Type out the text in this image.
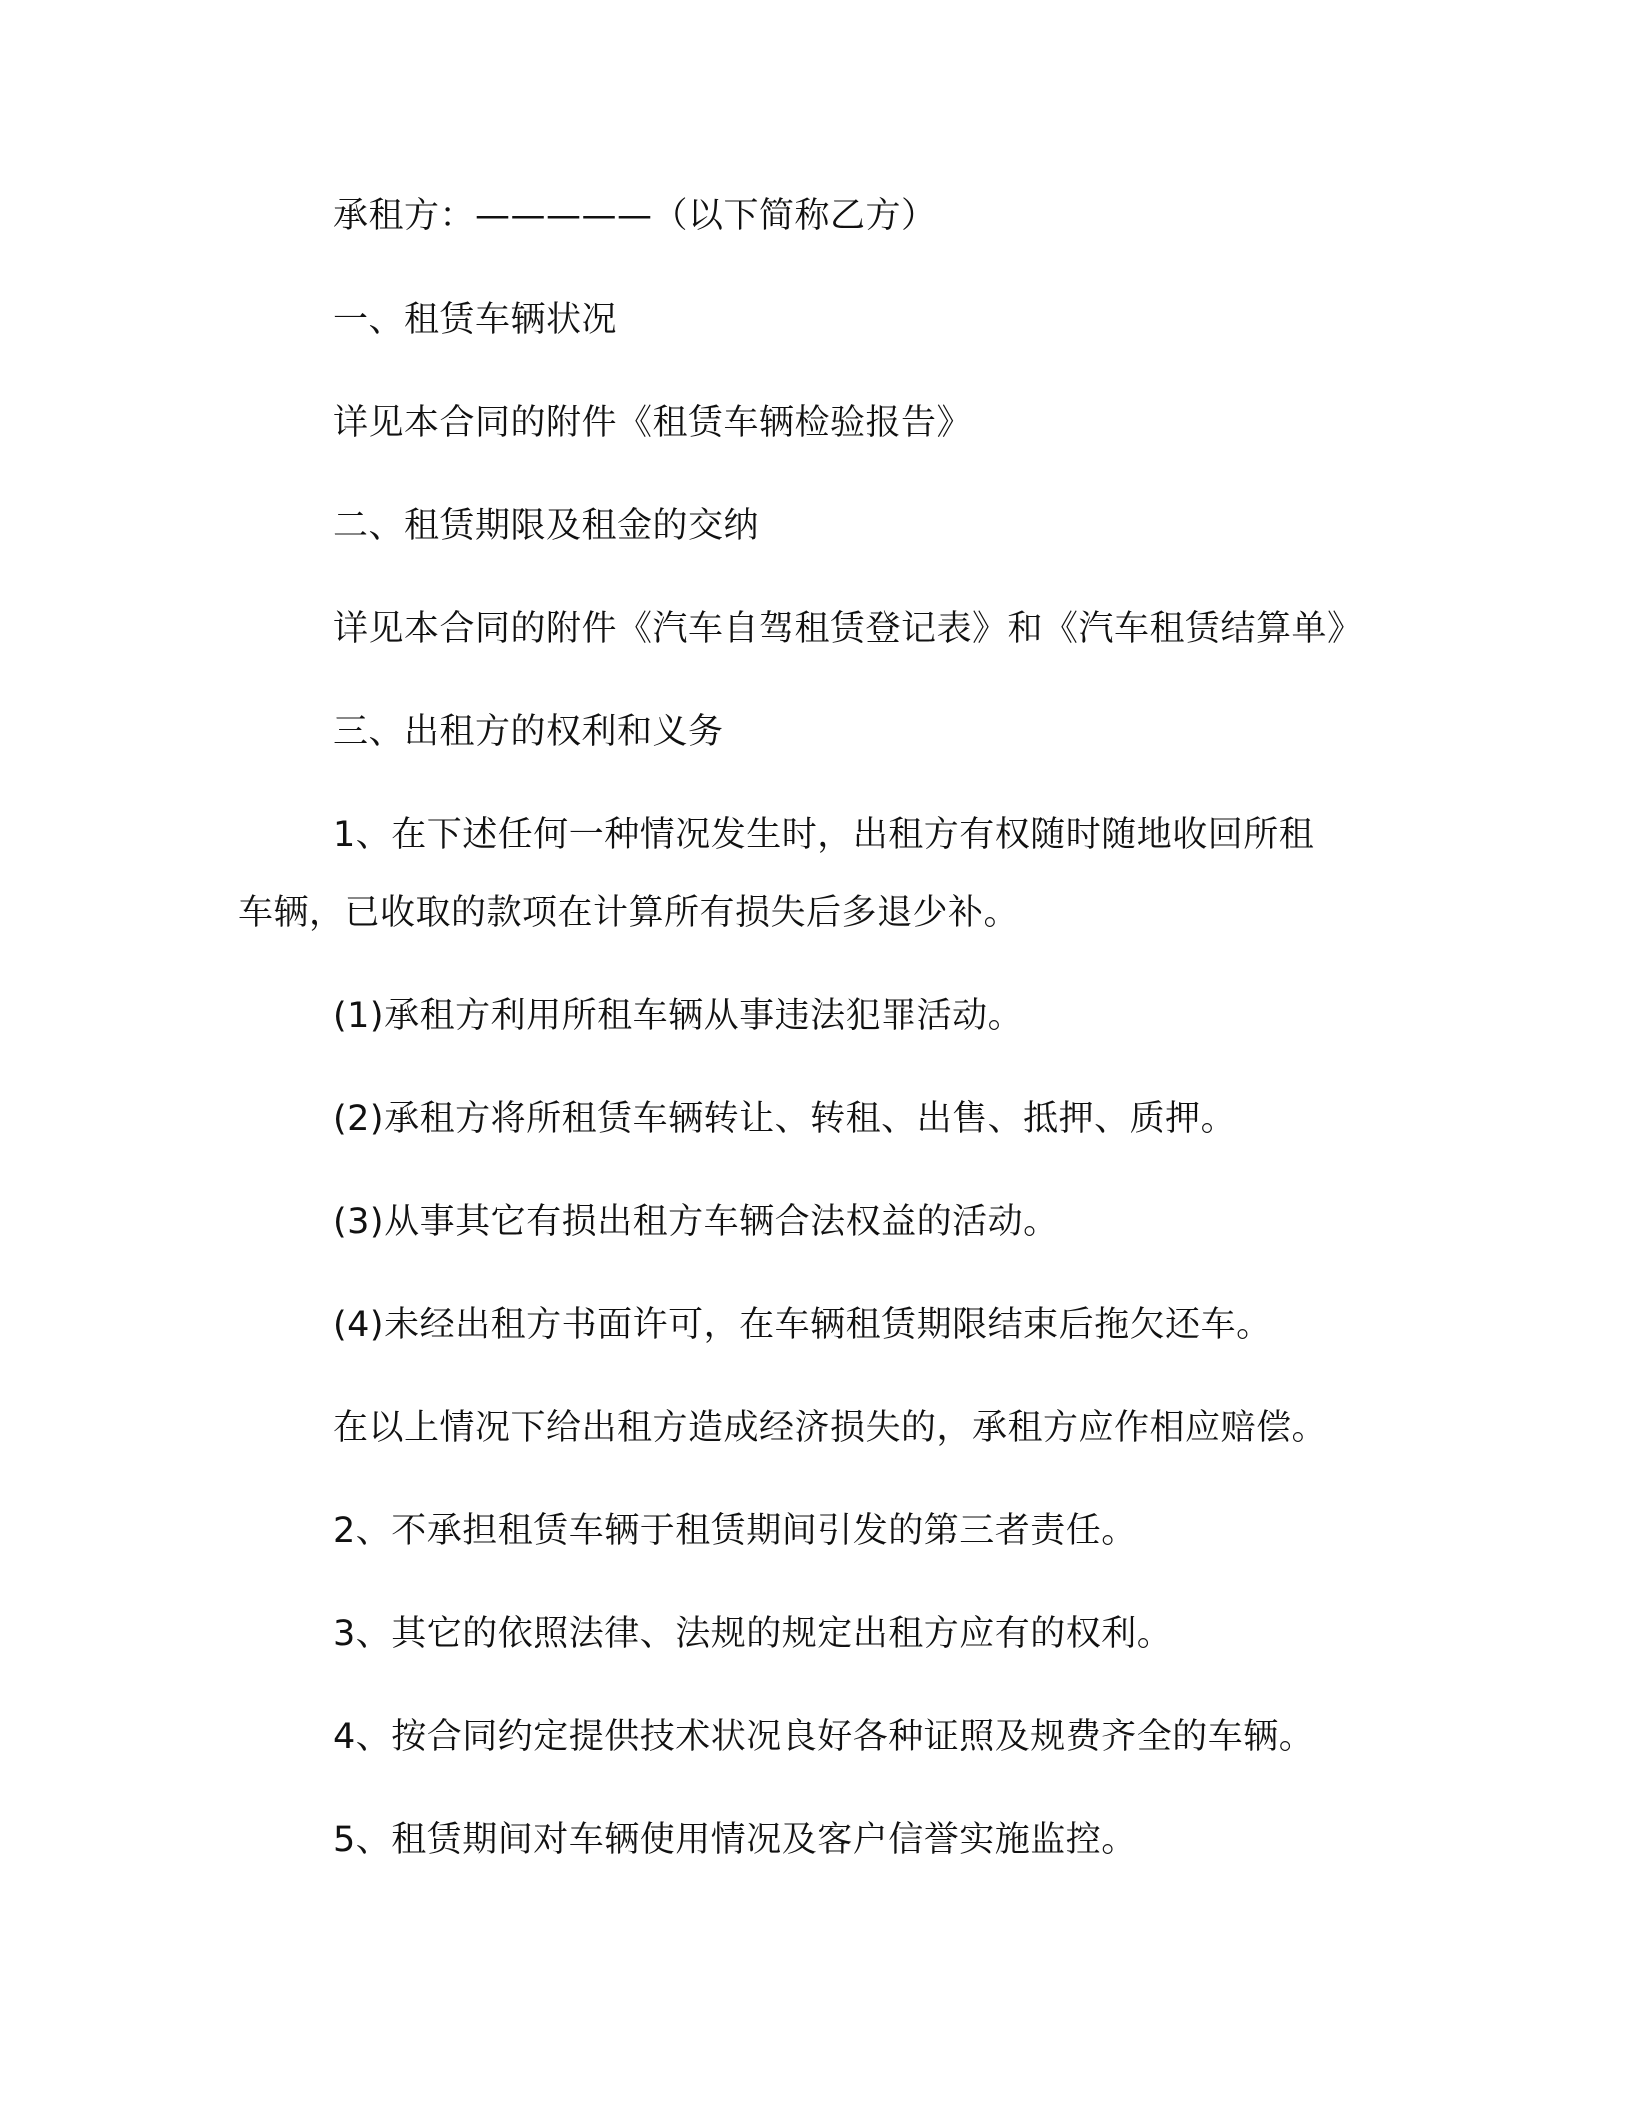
承租方：—————（以下简称乙方）
一、租赁车辆状况
详见本合同的附件《租赁车辆检验报告》
二、租赁期限及租金的交纳
详见本合同的附件《汽车自驾租赁登记表》和《汽车租赁结算单》
三、出租方的权利和义务
1、在下述任何一种情况发生时，出租方有权随时随地收回所租
车辆，已收取的款项在计算所有损失后多退少补。
(1)承租方利用所租车辆从事违法犯罪活动。
(2)承租方将所租赁车辆转让、转租、出售、抵押、质押。
(3)从事其它有损出租方车辆合法权益的活动。
(4)未经出租方书面许可，在车辆租赁期限结束后拖欠还车。
在以上情况下给出租方造成经济损失的，承租方应作相应赔偿。
2、不承担租赁车辆于租赁期间引发的第三者责任。
3、其它的依照法律、法规的规定出租方应有的权利。
4、按合同约定提供技术状况良好各种证照及规费齐全的车辆。
5、租赁期间对车辆使用情况及客户信誉实施监控。
